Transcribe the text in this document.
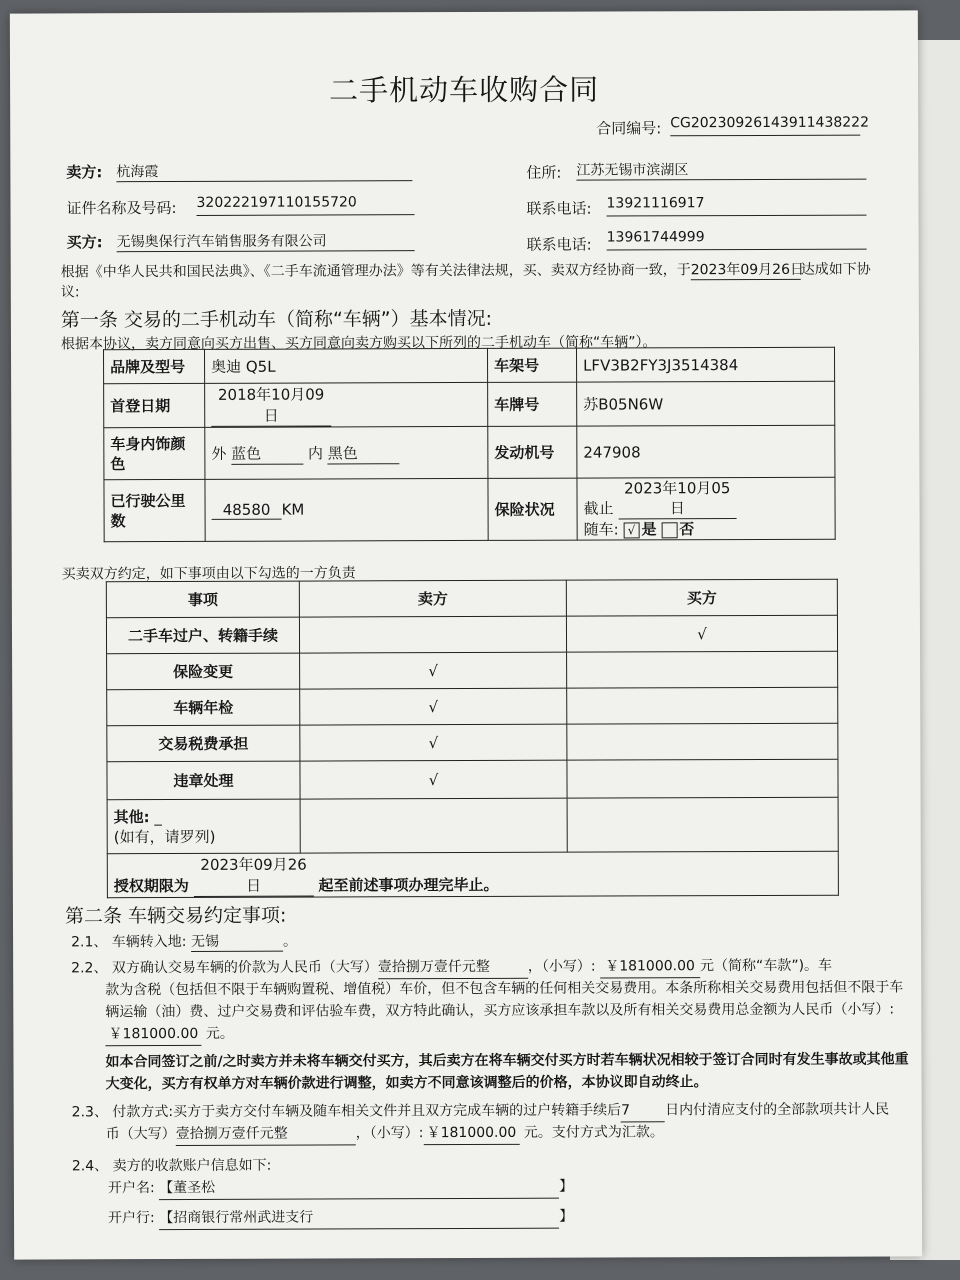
二手机动车收购合同
合同编号: CG20230926143911438222
卖方: 杭海霞	住所: 江苏无锡市滨湖区
证件名称及号码: 320222197110155720	联系电话: 13921116917
买方: 无锡奥保行汽车销售服务有限公司	联系电话: 13961744999
根据《中华人民共和国民法典》、《二手车流通管理办法》等有关法律法规，买、卖双方经协商一致，于2023年09月26日达成如下协
议:
第一条 交易的二手机动车（简称“车辆”）基本情况:
根据本协议，卖方同意向买方出售、买方同意向卖方购买以下所列的二手机动车（简称“车辆”）。
品牌及型号	奥迪 Q5L	车架号	LFV3B2FY3J3514384
首登日期	2018年10月09日	车牌号	苏B05N6W
车身内饰颜色	外 蓝色 内 黑色	发动机号	247908
已行驶公里数	48580 KM	保险状况	截止 2023年10月05日
随车: √ 是 否
买卖双方约定，如下事项由以下勾选的一方负责
事项	卖方	买方
二手车过户、转籍手续		√
保险变更	√	
车辆年检	√	
交易税费承担	√	
违章处理	√	
其他: _
(如有，请罗列)		
授权期限为 2023年09月26日 起至前述事项办理完毕止。		
第二条 车辆交易约定事项:
2.1、 车辆转入地: 无锡	。
2.2、 双方确认交易车辆的价款为人民币（大写）壹拾捌万壹仟元整	，（小写）: ￥181000.00 元（简称“车款”)。车
款为含税（包括但不限于车辆购置税、增值税）车价，但不包含车辆的任何相关交易费用。本条所称相关交易费用包括但不限于车
辆运输（油）费、过户交易费和评估验车费，双方特此确认，买方应该承担车款以及所有相关交易费用总金额为人民币（小写）:
￥181000.00 元。
如本合同签订之前/之时卖方并未将车辆交付买方，其后卖方在将车辆交付买方时若车辆状况相较于签订合同时有发生事故或其他重
大变化，买方有权单方对车辆价款进行调整，如卖方不同意该调整后的价格，本协议即自动终止。
2.3、 付款方式:买方于卖方交付车辆及随车相关文件并且双方完成车辆的过户转籍手续后7	日内付清应支付的全部款项共计人民
币（大写）壹拾捌万壹仟元整	，（小写）: ￥181000.00 元。支付方式为汇款。
2.4、 卖方的收款账户信息如下:
开户名: 【董圣松	】
开户行: 【招商银行常州武进支行	】
